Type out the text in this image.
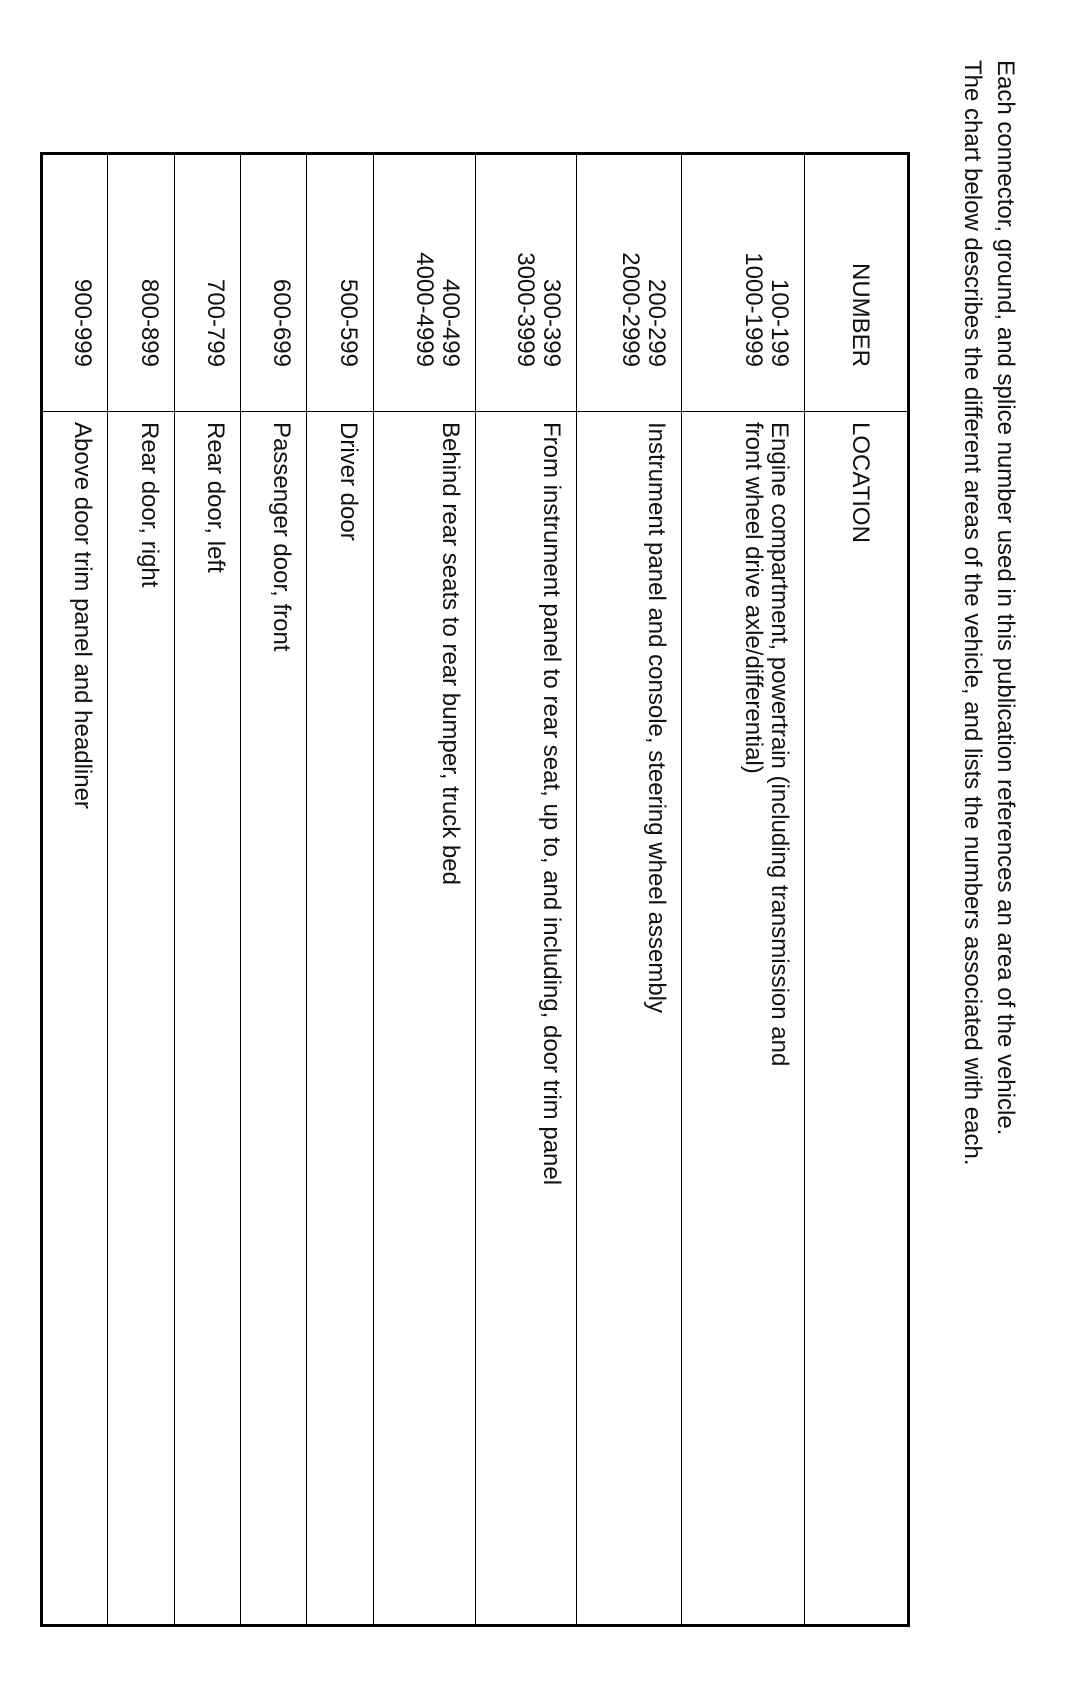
Each connector, ground, and splice number used in this publication references an area of the vehicle.

The chart below describes the different areas of the vehicle, and lists the numbers associated with each.

NUMBER	LOCATION
100-199
1000-1999	Engine compartment, powertrain (including transmission and
front wheel drive axle/differential)
200-299
2000-2999	Instrument panel and console, steering wheel assembly
300-399
3000-3999	From instrument panel to rear seat, up to, and including, door trim panel
400-499
4000-4999	Behind rear seats to rear bumper, truck bed
500-599	Driver door
600-699	Passenger door, front
700-799	Rear door, left
800-899	Rear door, right
900-999	Above door trim panel and headliner
